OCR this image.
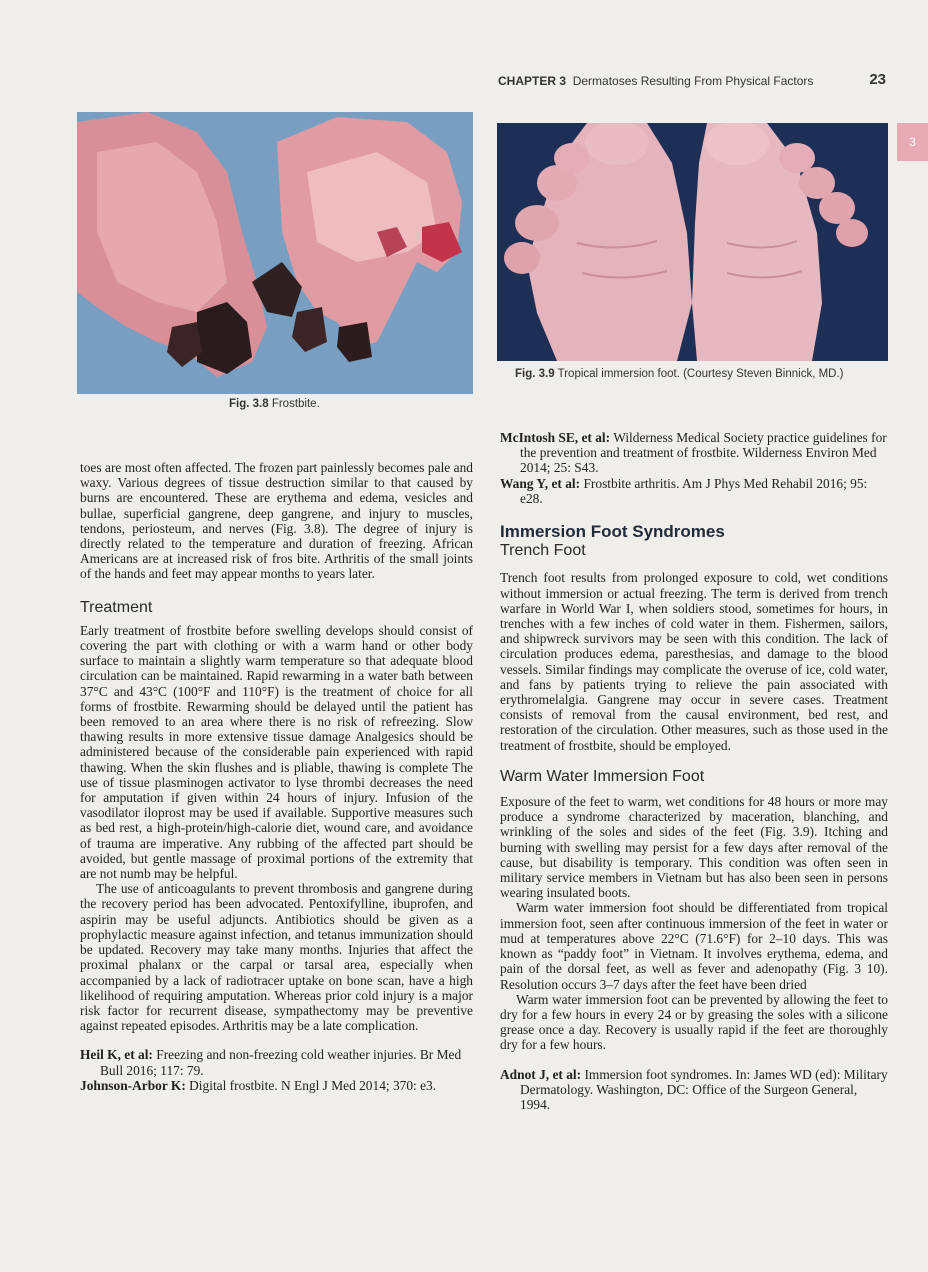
CHAPTER 3 Dermatoses Resulting From Physical Factors	23
3
Fig. 3.8 Frostbite.
Fig. 3.9 Tropical immersion foot. (Courtesy Steven Binnick, MD.)

toes are most often affected. The frozen part painlessly becomes pale and waxy. Various degrees of tissue destruction similar to that caused by burns are encountered. These are erythema and edema, vesicles and bullae, superficial gangrene, deep gangrene, and injury to muscles, tendons, periosteum, and nerves (Fig. 3.8). The degree of injury is directly related to the temperature and duration of freezing. African Americans are at increased risk of fros bite. Arthritis of the small joints of the hands and feet may appear months to years later.

Treatment

Early treatment of frostbite before swelling develops should consist of covering the part with clothing or with a warm hand or other body surface to maintain a slightly warm temperature so that adequate blood circulation can be maintained. Rapid rewarming in a water bath between 37°C and 43°C (100°F and 110°F) is the treatment of choice for all forms of frostbite. Rewarming should be delayed until the patient has been removed to an area where there is no risk of refreezing. Slow thawing results in more extensive tissue damage Analgesics should be administered because of the considerable pain experienced with rapid thawing. When the skin flushes and is pliable, thawing is complete The use of tissue plasminogen activator to lyse thrombi decreases the need for amputation if given within 24 hours of injury. Infusion of the vasodilator iloprost may be used if available. Supportive measures such as bed rest, a high-protein/high-calorie diet, wound care, and avoidance of trauma are imperative. Any rubbing of the affected part should be avoided, but gentle massage of proximal portions of the extremity that are not numb may be helpful.

The use of anticoagulants to prevent thrombosis and gangrene during the recovery period has been advocated. Pentoxifylline, ibuprofen, and aspirin may be useful adjuncts. Antibiotics should be given as a prophylactic measure against infection, and tetanus immunization should be updated. Recovery may take many months. Injuries that affect the proximal phalanx or the carpal or tarsal area, especially when accompanied by a lack of radiotracer uptake on bone scan, have a high likelihood of requiring amputation. Whereas prior cold injury is a major risk factor for recurrent disease, sympathectomy may be preventive against repeated episodes. Arthritis may be a late complication.

Heil K, et al: Freezing and non-freezing cold weather injuries. Br Med Bull 2016; 117: 79.

Johnson-Arbor K: Digital frostbite. N Engl J Med 2014; 370: e3.

McIntosh SE, et al: Wilderness Medical Society practice guidelines for the prevention and treatment of frostbite. Wilderness Environ Med 2014; 25: S43.

Wang Y, et al: Frostbite arthritis. Am J Phys Med Rehabil 2016; 95: e28.

Immersion Foot Syndromes

Trench Foot

Trench foot results from prolonged exposure to cold, wet conditions without immersion or actual freezing. The term is derived from trench warfare in World War I, when soldiers stood, sometimes for hours, in trenches with a few inches of cold water in them. Fishermen, sailors, and shipwreck survivors may be seen with this condition. The lack of circulation produces edema, paresthesias, and damage to the blood vessels. Similar findings may complicate the overuse of ice, cold water, and fans by patients trying to relieve the pain associated with erythromelalgia. Gangrene may occur in severe cases. Treatment consists of removal from the causal environment, bed rest, and restoration of the circulation. Other measures, such as those used in the treatment of frostbite, should be employed.

Warm Water Immersion Foot

Exposure of the feet to warm, wet conditions for 48 hours or more may produce a syndrome characterized by maceration, blanching, and wrinkling of the soles and sides of the feet (Fig. 3.9). Itching and burning with swelling may persist for a few days after removal of the cause, but disability is temporary. This condition was often seen in military service members in Vietnam but has also been seen in persons wearing insulated boots.

Warm water immersion foot should be differentiated from tropical immersion foot, seen after continuous immersion of the feet in water or mud at temperatures above 22°C (71.6°F) for 2–10 days. This was known as “paddy foot” in Vietnam. It involves erythema, edema, and pain of the dorsal feet, as well as fever and adenopathy (Fig. 3 10). Resolution occurs 3–7 days after the feet have been dried

Warm water immersion foot can be prevented by allowing the feet to dry for a few hours in every 24 or by greasing the soles with a silicone grease once a day. Recovery is usually rapid if the feet are thoroughly dry for a few hours.

Adnot J, et al: Immersion foot syndromes. In: James WD (ed): Military Dermatology. Washington, DC: Office of the Surgeon General, 1994.
